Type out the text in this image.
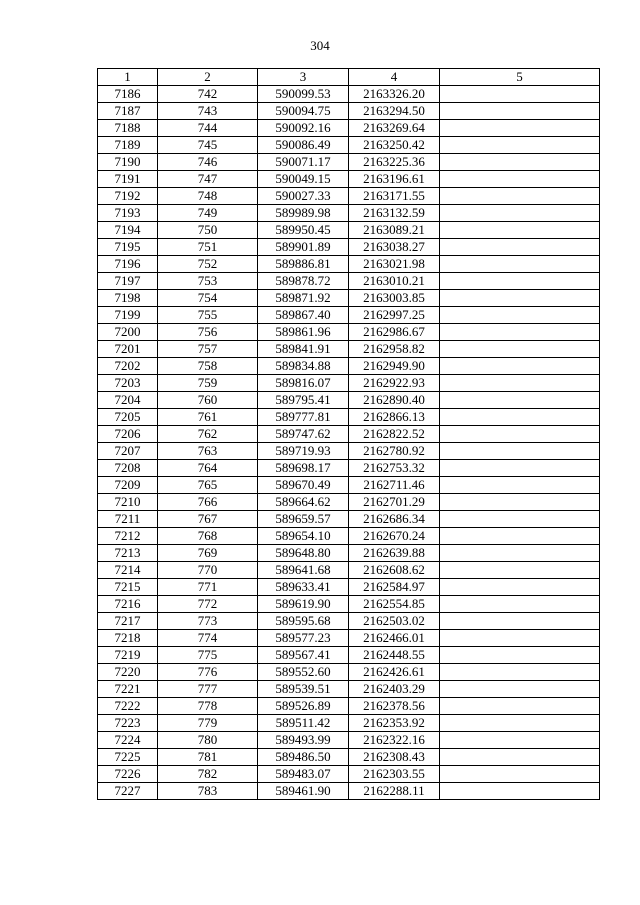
304
1	2	3	4	5
7186	742	590099.53	2163326.20	
7187	743	590094.75	2163294.50	
7188	744	590092.16	2163269.64	
7189	745	590086.49	2163250.42	
7190	746	590071.17	2163225.36	
7191	747	590049.15	2163196.61	
7192	748	590027.33	2163171.55	
7193	749	589989.98	2163132.59	
7194	750	589950.45	2163089.21	
7195	751	589901.89	2163038.27	
7196	752	589886.81	2163021.98	
7197	753	589878.72	2163010.21	
7198	754	589871.92	2163003.85	
7199	755	589867.40	2162997.25	
7200	756	589861.96	2162986.67	
7201	757	589841.91	2162958.82	
7202	758	589834.88	2162949.90	
7203	759	589816.07	2162922.93	
7204	760	589795.41	2162890.40	
7205	761	589777.81	2162866.13	
7206	762	589747.62	2162822.52	
7207	763	589719.93	2162780.92	
7208	764	589698.17	2162753.32	
7209	765	589670.49	2162711.46	
7210	766	589664.62	2162701.29	
7211	767	589659.57	2162686.34	
7212	768	589654.10	2162670.24	
7213	769	589648.80	2162639.88	
7214	770	589641.68	2162608.62	
7215	771	589633.41	2162584.97	
7216	772	589619.90	2162554.85	
7217	773	589595.68	2162503.02	
7218	774	589577.23	2162466.01	
7219	775	589567.41	2162448.55	
7220	776	589552.60	2162426.61	
7221	777	589539.51	2162403.29	
7222	778	589526.89	2162378.56	
7223	779	589511.42	2162353.92	
7224	780	589493.99	2162322.16	
7225	781	589486.50	2162308.43	
7226	782	589483.07	2162303.55	
7227	783	589461.90	2162288.11	
